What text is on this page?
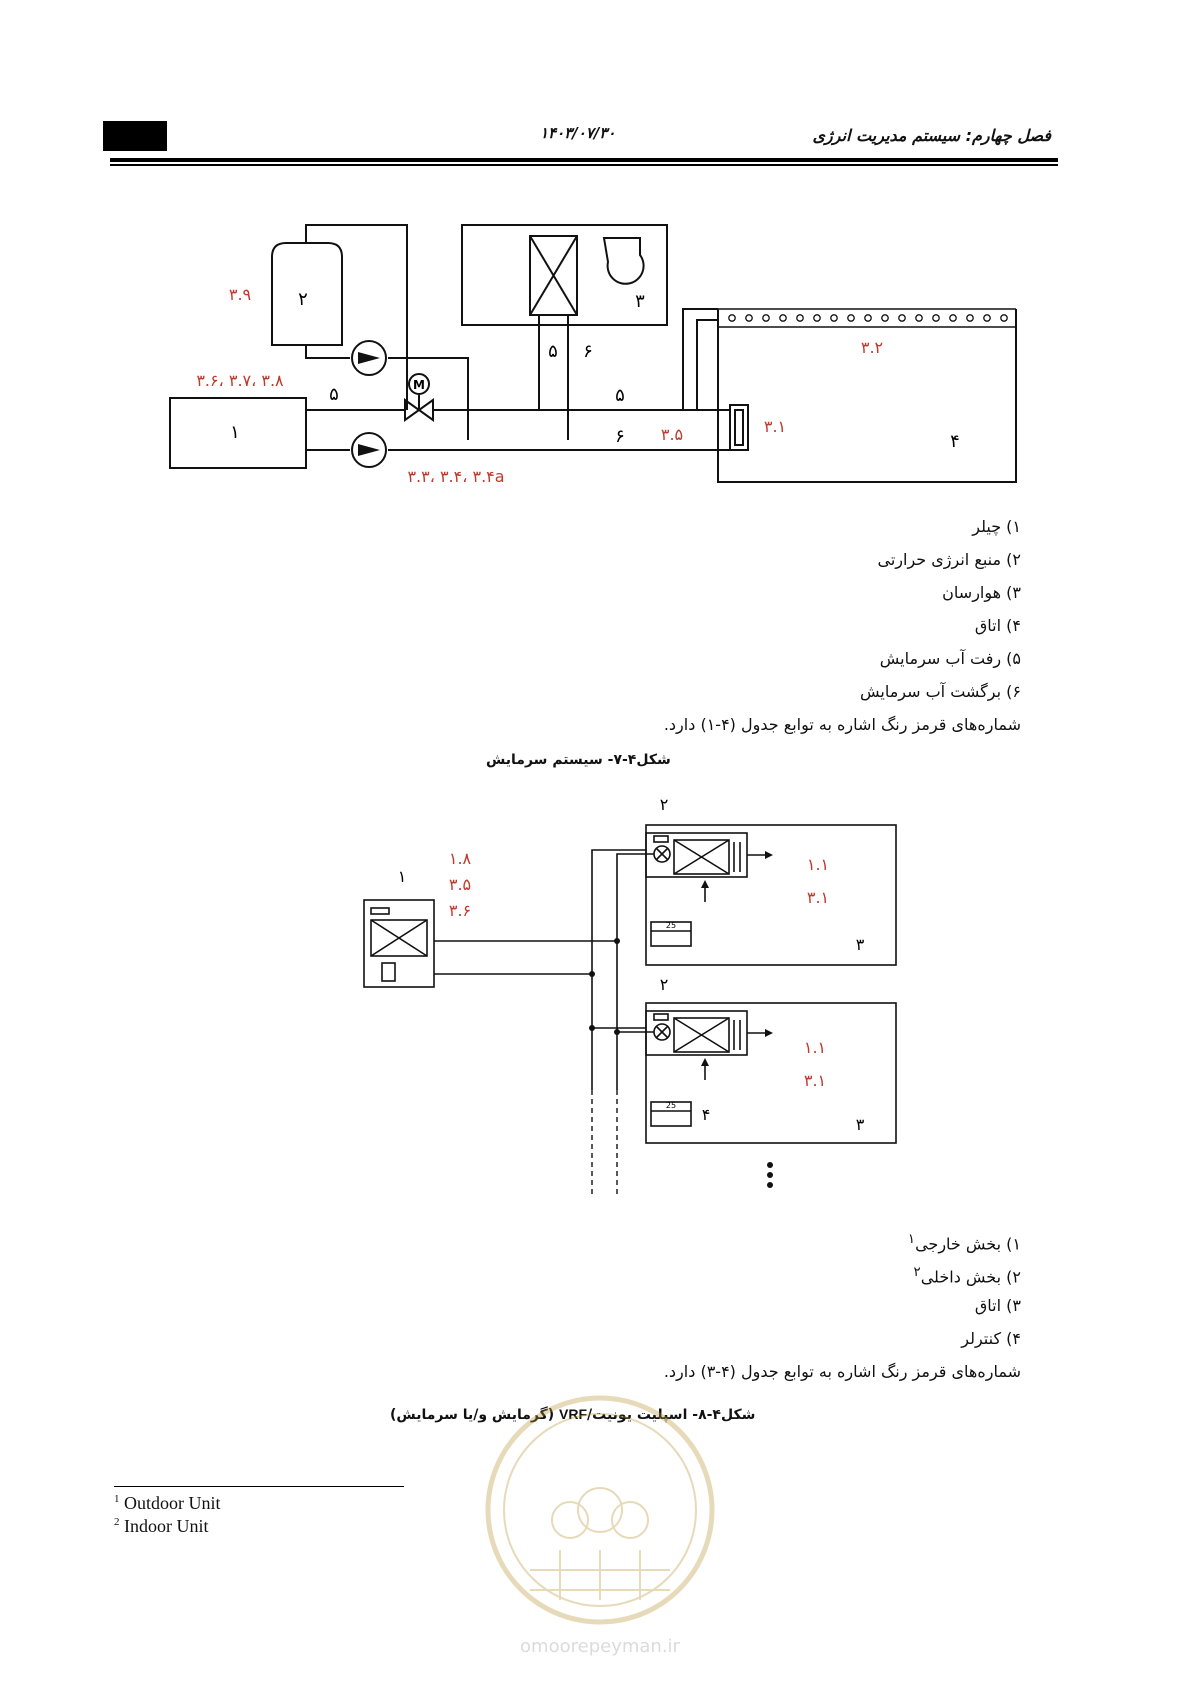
۱۴۰۳/۰۷/۳۰	فصل چهارم: سیستم مدیریت انرژی
۲
۱
۳
۴
۵ ۶
۵	۵
۶
M
۳.۹
۳.۶، ۳.۷، ۳.۸
۳.۳، ۳.۴، ۳.۴a
۳.۲
۳.۱
۳.۵
۱) چیلر
۲) منبع انرژی حرارتی
۳) هوارسان
۴) اتاق
۵) رفت آب سرمایش
۶) برگشت آب سرمایش
شماره‌های قرمز رنگ اشاره به توابع جدول (۴-۱) دارد.
شکل۴-۷- سیستم سرمایش
۱
۲
۲
۳
۳
۴
25
25
۱.۸
۳.۵
۳.۶
۱.۱
۳.۱
۱.۱
۳.۱
۱) بخش خارجی$^۱$
۲) بخش داخلی$^۲$
۳) اتاق
۴) کنترلر
شماره‌های قرمز رنگ اشاره به توابع جدول (۴-۳) دارد.
شکل۴-۸- اسپلیت یونیت/VRF (گرمایش و/یا سرمایش)
$^1$ Outdoor Unit
$^2$ Indoor Unit
omoorepeyman.ir
